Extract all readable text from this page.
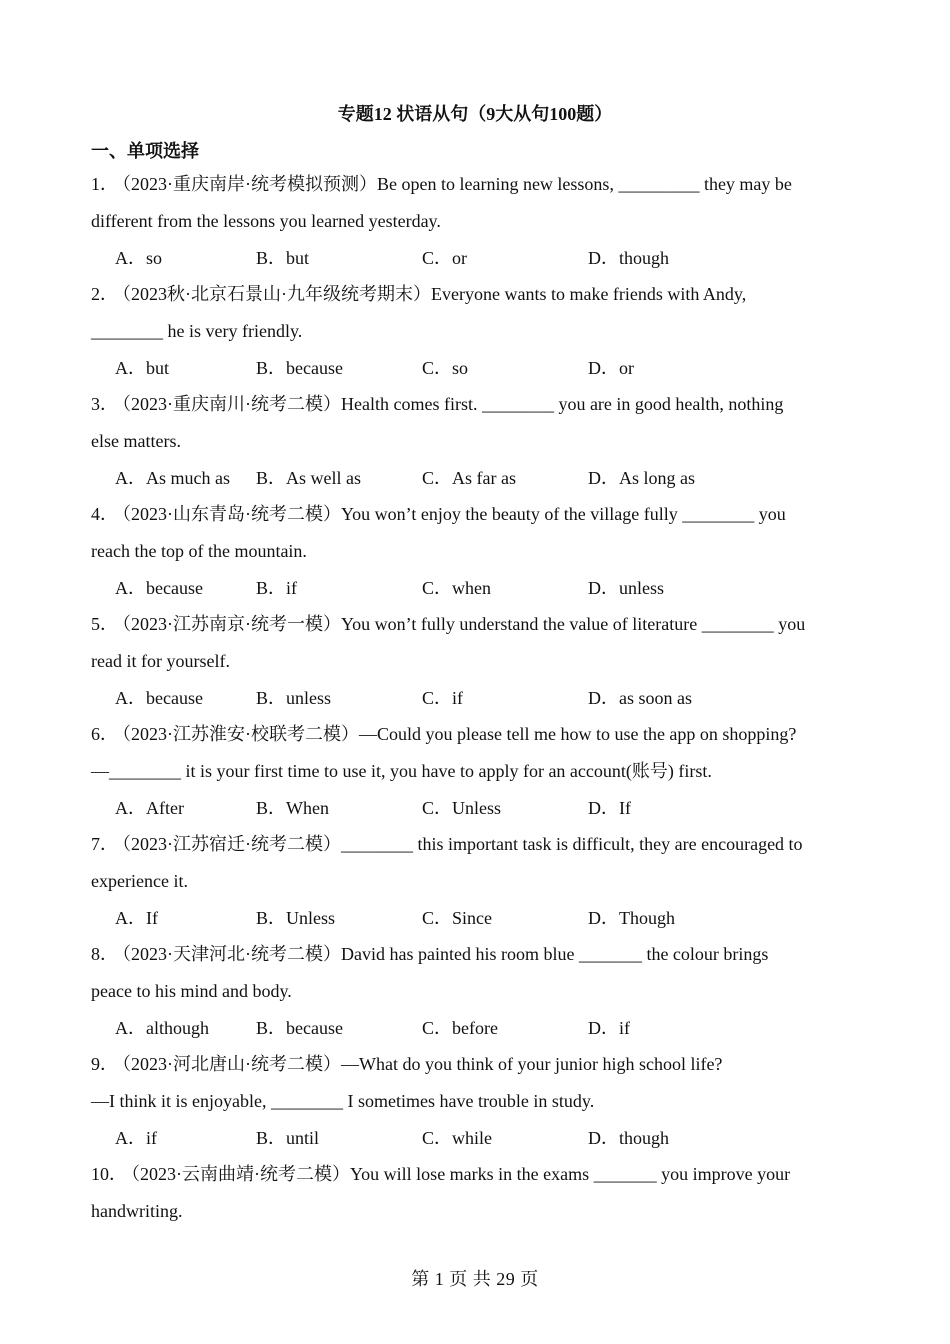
专题12 状语从句（9大从句100题）
一、单项选择
1． （2023·重庆南岸·统考模拟预测）Be open to learning new lessons, _________ they may be
different from the lessons you learned yesterday.
A．so	B．but	C．or	D．though
2． （2023秋·北京石景山·九年级统考期末）Everyone wants to make friends with Andy,
________ he is very friendly.
A．but	B．because	C．so	D．or
3． （2023·重庆南川·统考二模）Health comes first. ________ you are in good health, nothing
else matters.
A．As much as	B．As well as	C．As far as	D．As long as
4． （2023·山东青岛·统考二模）You won’t enjoy the beauty of the village fully ________ you
reach the top of the mountain.
A．because	B．if	C．when	D．unless
5． （2023·江苏南京·统考一模）You won’t fully understand the value of literature ________ you
read it for yourself.
A．because	B．unless	C．if	D．as soon as
6． （2023·江苏淮安·校联考二模）—Could you please tell me how to use the app on shopping?
—________ it is your first time to use it, you have to apply for an account(账号) first.
A．After	B．When	C．Unless	D．If
7． （2023·江苏宿迁·统考二模）________ this important task is difficult, they are encouraged to
experience it.
A．If	B．Unless	C．Since	D．Though
8． （2023·天津河北·统考二模）David has painted his room blue _______ the colour brings
peace to his mind and body.
A．although	B．because	C．before	D．if
9． （2023·河北唐山·统考二模）—What do you think of your junior high school life?
—I think it is enjoyable, ________ I sometimes have trouble in study.
A．if	B．until	C．while	D．though
10． （2023·云南曲靖·统考二模）You will lose marks in the exams _______ you improve your
handwriting.
第 1 页 共 29 页
